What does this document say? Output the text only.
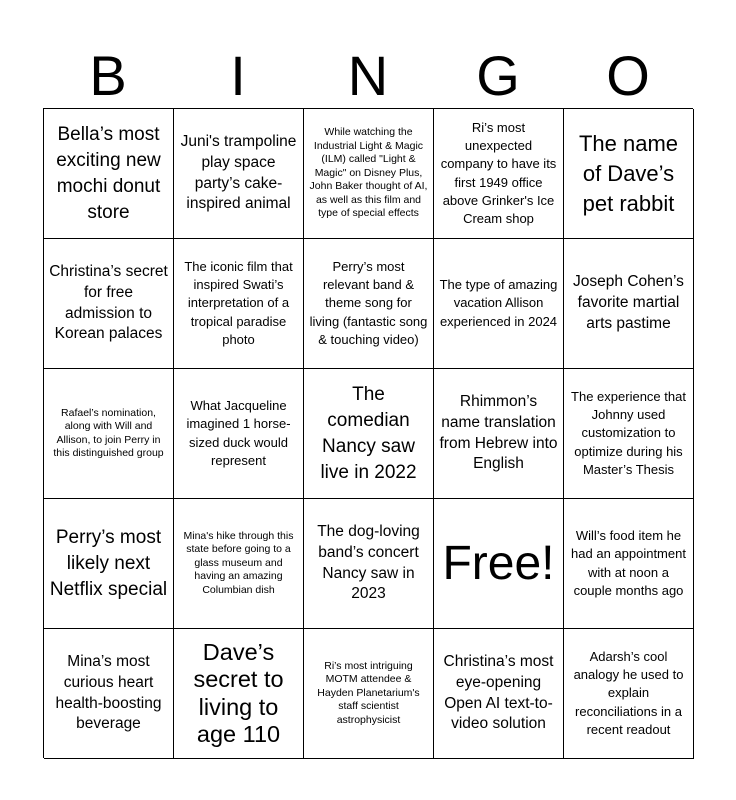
B	I	N	G	O
Bella’s most exciting new mochi donut store
Juni's trampoline play space party’s cake-inspired animal
While watching the Industrial Light & Magic (ILM) called "Light & Magic" on Disney Plus, John Baker thought of AI, as well as this film and type of special effects
Ri’s most unexpected company to have its first 1949 office above Grinker's Ice Cream shop
The name of Dave’s pet rabbit
Christina’s secret for free admission to Korean palaces
The iconic film that inspired Swati’s interpretation of a tropical paradise photo
Perry’s most relevant band & theme song for living (fantastic song & touching video)
The type of amazing vacation Allison experienced in 2024
Joseph Cohen’s favorite martial arts pastime
Rafael’s nomination, along with Will and Allison, to join Perry in this distinguished group
What Jacqueline imagined 1 horse-sized duck would represent
The comedian Nancy saw live in 2022
Rhimmon’s name translation from Hebrew into English
The experience that Johnny used customization to optimize during his Master’s Thesis
Perry’s most likely next Netflix special
Mina's hike through this state before going to a glass museum and having an amazing Columbian dish
The dog-loving band’s concert Nancy saw in 2023
Free!
Will’s food item he had an appointment with at noon a couple months ago
Mina’s most curious heart health-boosting beverage
Dave’s secret to living to age 110
Ri’s most intriguing MOTM attendee & Hayden Planetarium's staff scientist astrophysicist
Christina’s most eye-opening Open AI text-to-video solution
Adarsh’s cool analogy he used to explain reconciliations in a recent readout
